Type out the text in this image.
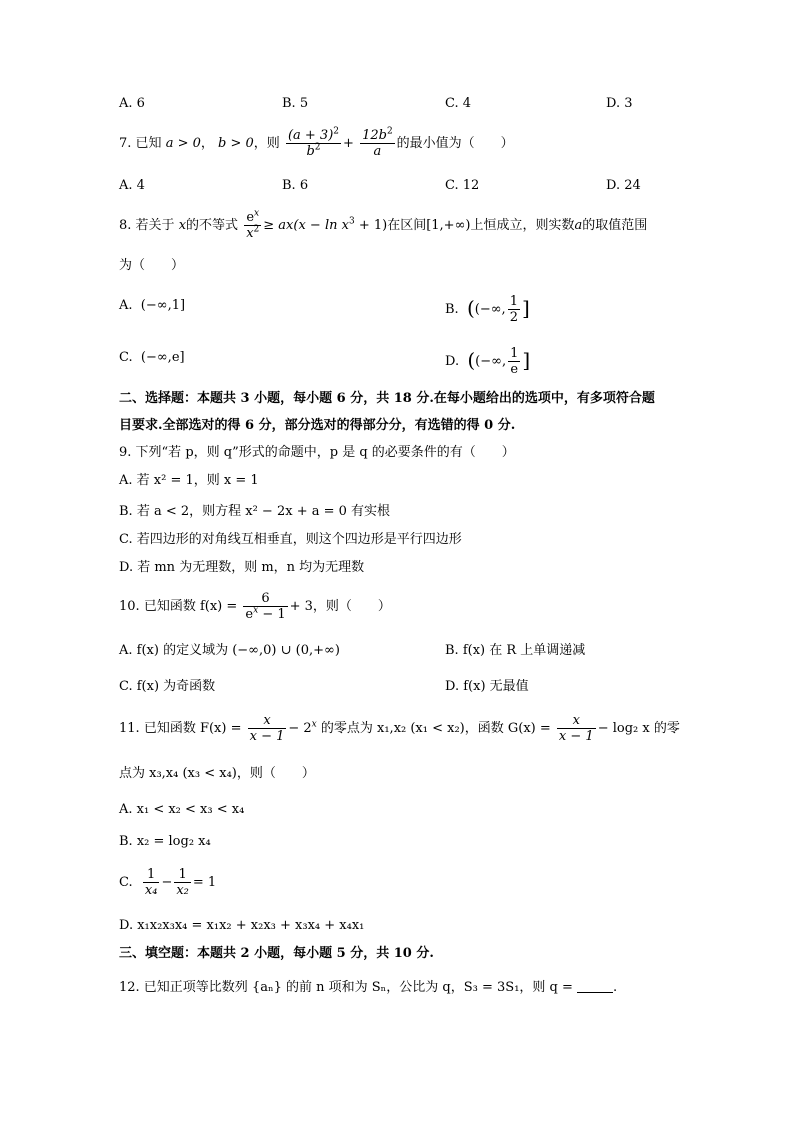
A. 6	B. 5	C. 4	D. 3
7. 已知 a > 0， b > 0，则 $\frac{(a + 3)^2}{b^2} + \frac{12b^2}{a}$ 的最小值为（　　）
A. 4	B. 6	C. 12	D. 24
8. 若关于 x的不等式 $\frac{e^x}{x^2} \ge ax(x - \ln x^3 + 1)$在区间[1,+∞)上恒成立，则实数a的取值范围
为（　　）
A. (−∞,1]	B. ((−∞, $\frac{1}{2}$ ]
C. (−∞,e]	D. ((−∞, $\frac{1}{e}$ ]
二、选择题：本题共 3 小题，每小题 6 分，共 18 分.在每小题给出的选项中，有多项符合题
目要求.全部选对的得 6 分，部分选对的得部分分，有选错的得 0 分.
9. 下列“若 p，则 q”形式的命题中，p 是 q 的必要条件的有（　　）
A. 若 x² = 1，则 x = 1
B. 若 a < 2，则方程 x² − 2x + a = 0 有实根
C. 若四边形的对角线互相垂直，则这个四边形是平行四边形
D. 若 mn 为无理数，则 m，n 均为无理数
10. 已知函数 $f(x) = \frac{6}{e^x - 1} + 3$，则（　　）
A. f(x) 的定义域为 (−∞,0) ∪ (0,+∞)	B. f(x) 在 R 上单调递减
C. f(x) 为奇函数	D. f(x) 无最值
11. 已知函数 $F(x) = \frac{x}{x - 1} - 2^x$ 的零点为 x₁,x₂ (x₁ < x₂)，函数 $G(x) = \frac{x}{x - 1} - \log_2$ x 的零
点为 x₃,x₄ (x₃ < x₄)，则（　　）
A. x₁ < x₂ < x₃ < x₄
B. x₂ = log₂ x₄
C. $\frac{1}{\text{x₄}} - \frac{1}{\text{x₂}} = 1$
D. x₁x₂x₃x₄ = x₁x₂ + x₂x₃ + x₃x₄ + x₄x₁
三、填空题：本题共 2 小题，每小题 5 分，共 10 分.
12. 已知正项等比数列 {aₙ} 的前 n 项和为 Sₙ，公比为 q，S₃ = 3S₁，则 q =	.
